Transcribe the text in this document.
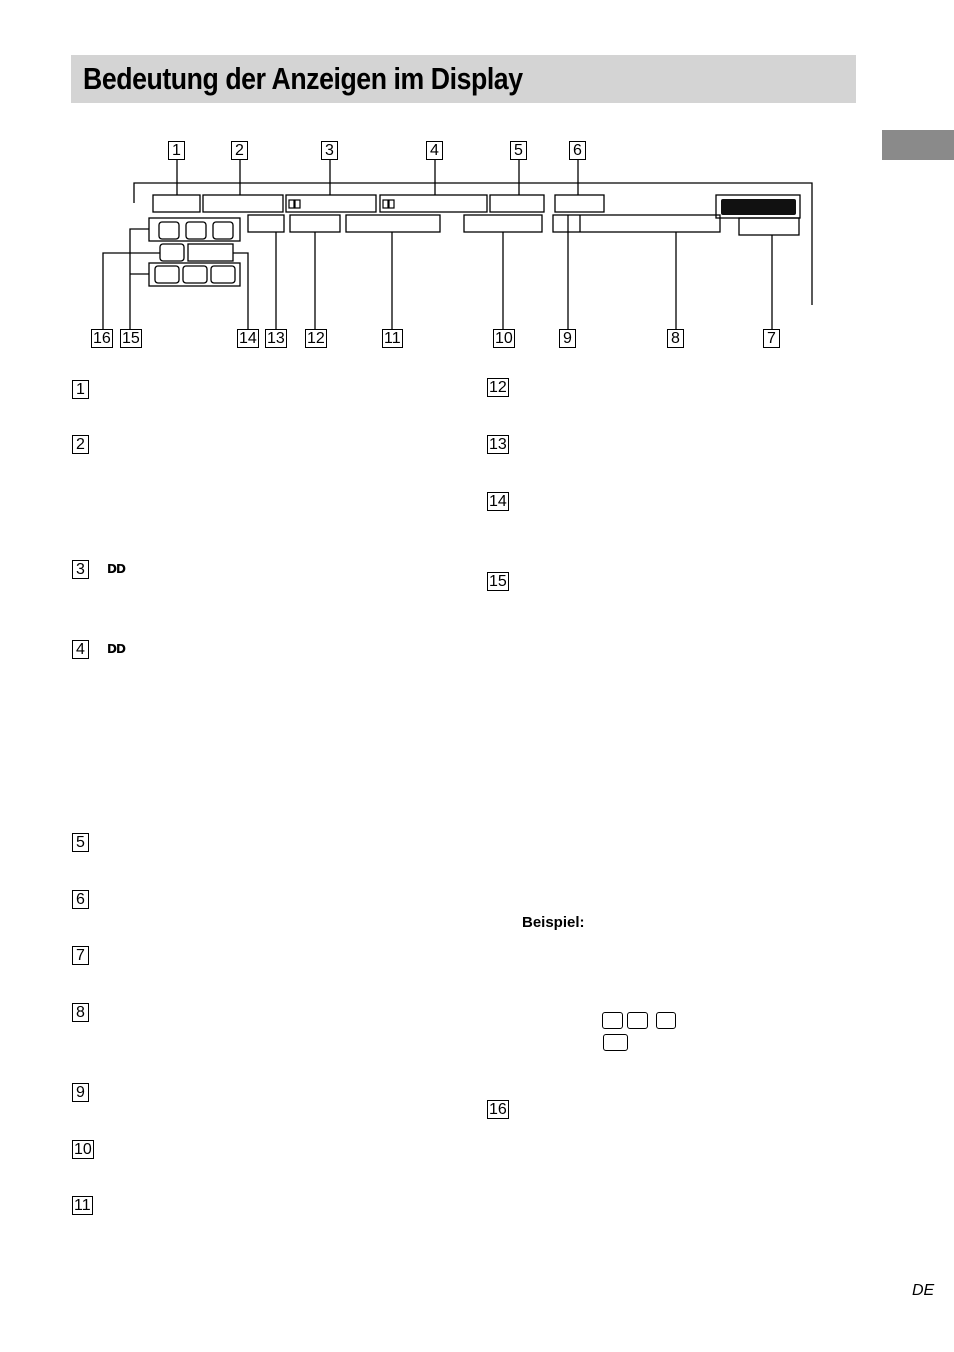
Bedeutung der Anzeigen im Display
1	2	3	4	5	6
16 15	14 13 12	11	10	9	8	7
1
2
3	DD
4	DD
5
6
7
8
9
10
11
12
13
14
15
16
Beispiel:
DE
